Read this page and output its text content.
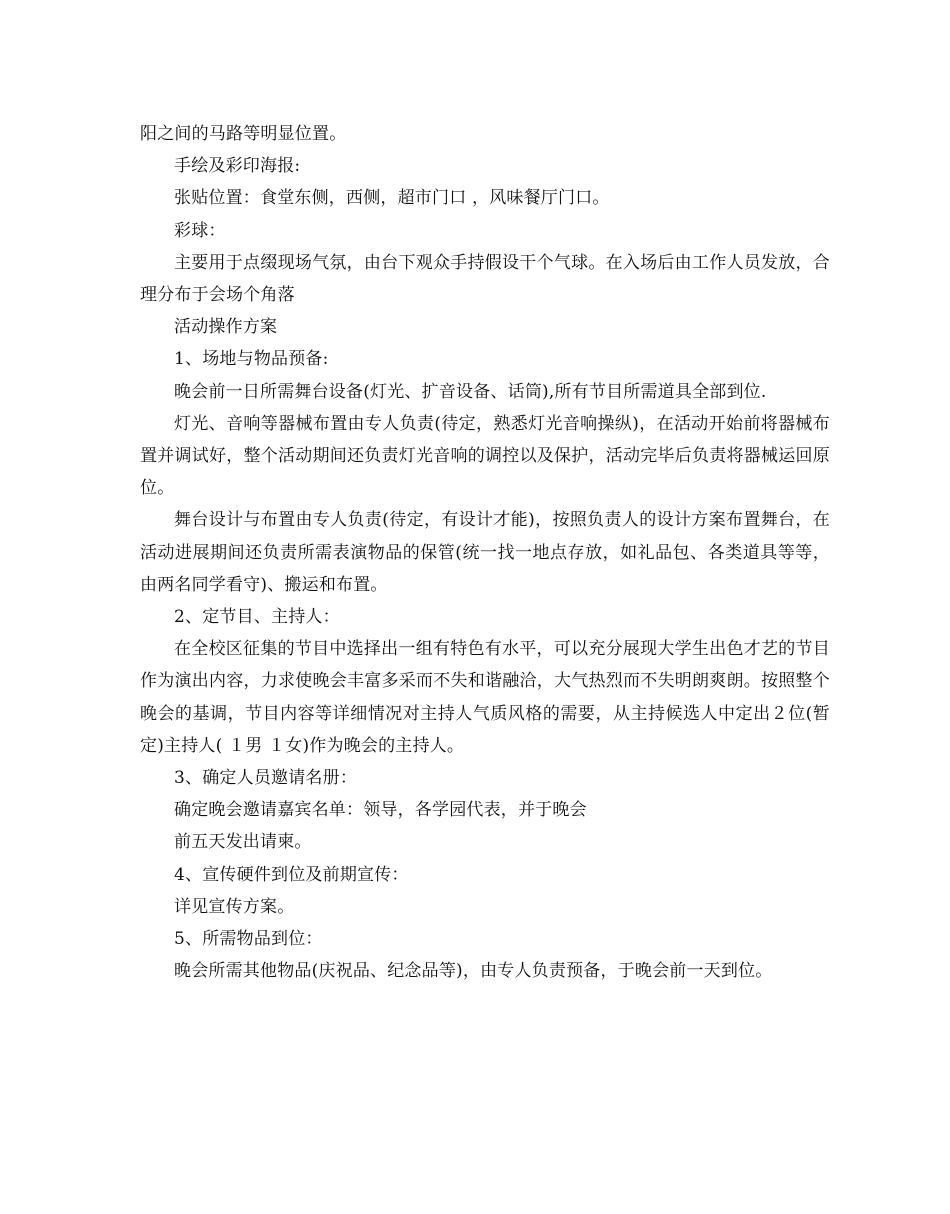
阳之间的马路等明显位置。

手绘及彩印海报:

张贴位置：食堂东侧，西侧，超市门口 ，风味餐厅门口。

彩球：

主要用于点缀现场气氛，由台下观众手持假设干个气球。在入场后由工作人员发放，合理分布于会场个角落

活动操作方案

1、场地与物品预备:

晚会前一日所需舞台设备(灯光、扩音设备、话筒),所有节目所需道具全部到位.

灯光、音响等器械布置由专人负责(待定，熟悉灯光音响操纵)，在活动开始前将器械布置并调试好，整个活动期间还负责灯光音响的调控以及保护，活动完毕后负责将器械运回原位。

舞台设计与布置由专人负责(待定，有设计才能)，按照负责人的设计方案布置舞台，在活动进展期间还负责所需表演物品的保管(统一找一地点存放，如礼品包、各类道具等等，由两名同学看守)、搬运和布置。

2、定节目、主持人：

在全校区征集的节目中选择出一组有特色有水平，可以充分展现大学生出色才艺的节目作为演出内容，力求使晚会丰富多采而不失和谐融洽，大气热烈而不失明朗爽朗。按照整个晚会的基调，节目内容等详细情况对主持人气质风格的需要，从主持候选人中定出２位(暂定)主持人( １男 １女)作为晚会的主持人。

3、确定人员邀请名册：

确定晚会邀请嘉宾名单：领导，各学园代表，并于晚会

前五天发出请柬。

4、宣传硬件到位及前期宣传：

详见宣传方案。

5、所需物品到位：

晚会所需其他物品(庆祝品、纪念品等)，由专人负责预备，于晚会前一天到位。
